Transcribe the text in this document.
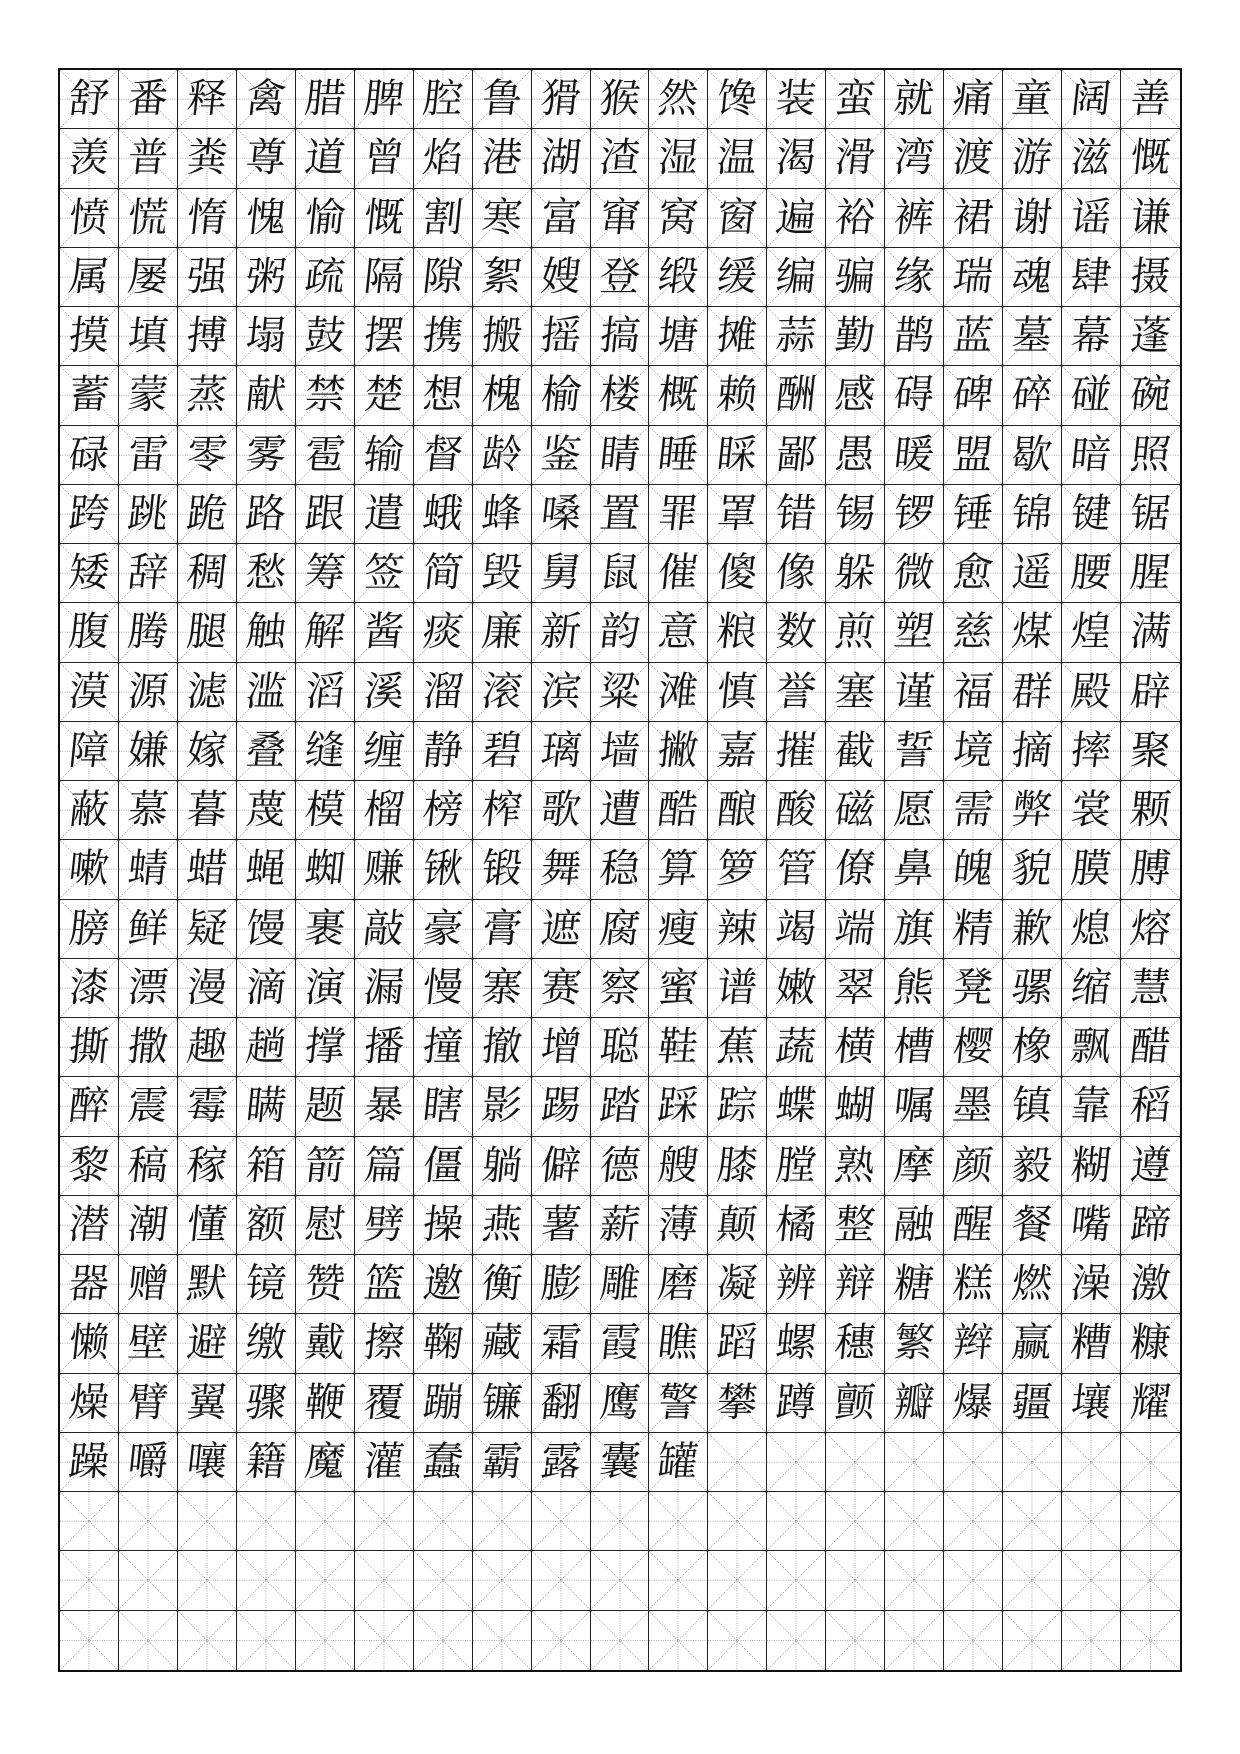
舒 番 释 禽 腊 脾 腔 鲁 猾 猴 然 馋 装 蛮 就 痛 童 阔 善
羡 普 粪 尊 道 曾 焰 港 湖 渣 湿 温 渴 滑 湾 渡 游 滋 慨
愤 慌 惰 愧 愉 慨 割 寒 富 窜 窝 窗 遍 裕 裤 裙 谢 谣 谦
属 屡 强 粥 疏 隔 隙 絮 嫂 登 缎 缓 编 骗 缘 瑞 魂 肆 摄
摸 填 搏 塌 鼓 摆 携 搬 摇 搞 塘 摊 蒜 勤 鹊 蓝 墓 幕 蓬
蓄 蒙 蒸 献 禁 楚 想 槐 榆 楼 概 赖 酬 感 碍 碑 碎 碰 碗
碌 雷 零 雾 雹 输 督 龄 鉴 睛 睡 睬 鄙 愚 暖 盟 歇 暗 照
跨 跳 跪 路 跟 遣 蛾 蜂 嗓 置 罪 罩 错 锡 锣 锤 锦 键 锯
矮 辞 稠 愁 筹 签 简 毁 舅 鼠 催 傻 像 躲 微 愈 遥 腰 腥
腹 腾 腿 触 解 酱 痰 廉 新 韵 意 粮 数 煎 塑 慈 煤 煌 满
漠 源 滤 滥 滔 溪 溜 滚 滨 粱 滩 慎 誉 塞 谨 福 群 殿 辟
障 嫌 嫁 叠 缝 缠 静 碧 璃 墙 撇 嘉 摧 截 誓 境 摘 摔 聚
蔽 慕 暮 蔑 模 榴 榜 榨 歌 遭 酷 酿 酸 磁 愿 需 弊 裳 颗
嗽 蜻 蜡 蝇 蜘 赚 锹 锻 舞 稳 算 箩 管 僚 鼻 魄 貌 膜 膊
膀 鲜 疑 馒 裹 敲 豪 膏 遮 腐 瘦 辣 竭 端 旗 精 歉 熄 熔
漆 漂 漫 滴 演 漏 慢 寨 赛 察 蜜 谱 嫩 翠 熊 凳 骡 缩 慧
撕 撒 趣 趟 撑 播 撞 撤 增 聪 鞋 蕉 蔬 横 槽 樱 橡 飘 醋
醉 震 霉 瞒 题 暴 瞎 影 踢 踏 踩 踪 蝶 蝴 嘱 墨 镇 靠 稻
黎 稿 稼 箱 箭 篇 僵 躺 僻 德 艘 膝 膛 熟 摩 颜 毅 糊 遵
潜 潮 懂 额 慰 劈 操 燕 薯 薪 薄 颠 橘 整 融 醒 餐 嘴 蹄
器 赠 默 镜 赞 篮 邀 衡 膨 雕 磨 凝 辨 辩 糖 糕 燃 澡 激
懒 壁 避 缴 戴 擦 鞠 藏 霜 霞 瞧 蹈 螺 穗 繁 辫 赢 糟 糠
燥 臂 翼 骤 鞭 覆 蹦 镰 翻 鹰 警 攀 蹲 颤 瓣 爆 疆 壤 耀
躁 嚼 嚷 籍 魔 灌 蠢 霸 露 囊 罐
